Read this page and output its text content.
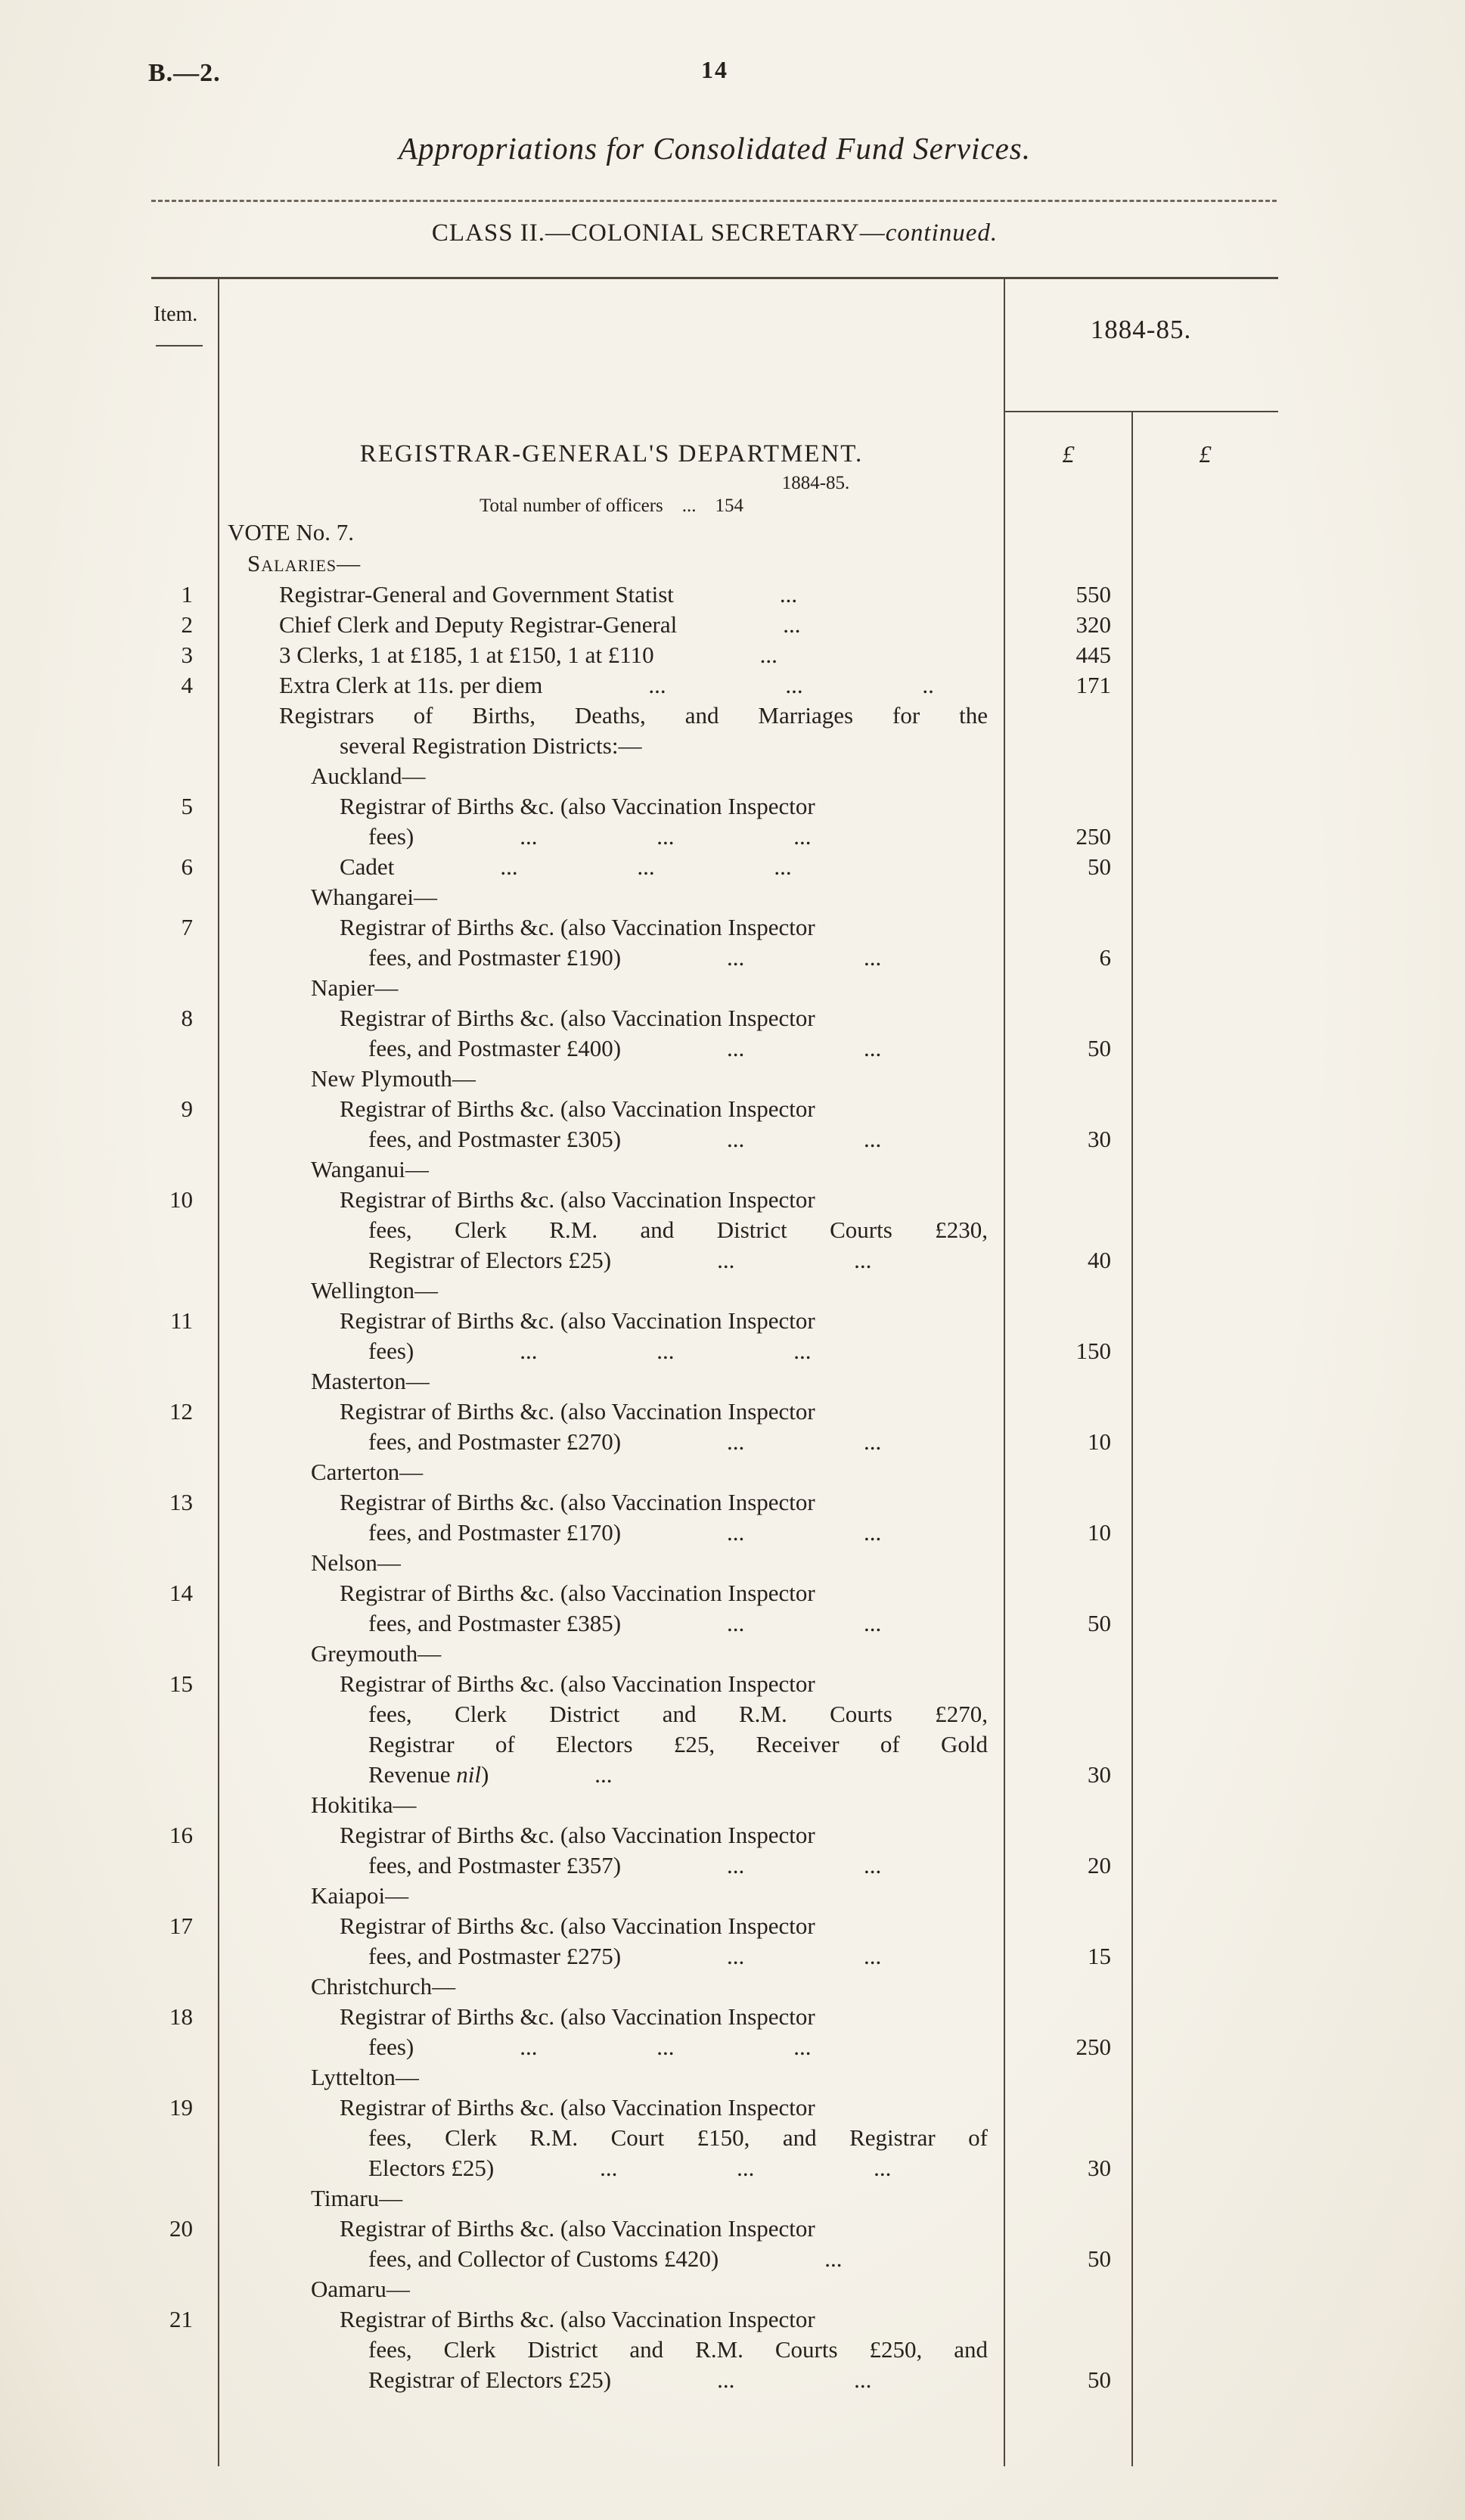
B.—2.	14
Appropriations for Consolidated Fund Services.
CLASS II.—COLONIAL SECRETARY—continued.
Item.
1884-85.
REGISTRAR-GENERAL'S DEPARTMENT.	£	£
1884-85.
Total number of officers  ...  154
VOTE No. 7.
Salaries—
1	Registrar-General and Government Statist	...	550
2	Chief Clerk and Deputy Registrar-General	...	320
3	3 Clerks, 1 at £185, 1 at £150, 1 at £110	...	445
4	Extra Clerk at 11s. per diem	... ... ..	171
Registrars of Births, Deaths, and Marriages for the
several Registration Districts:—
Auckland—
5	Registrar of Births &c. (also Vaccination Inspector
fees)	... ... ...	250
6	Cadet	... ... ...	50
Whangarei—
7	Registrar of Births &c. (also Vaccination Inspector
fees, and Postmaster £190)	... ...	6
Napier—
8	Registrar of Births &c. (also Vaccination Inspector
fees, and Postmaster £400)	... ...	50
New Plymouth—
9	Registrar of Births &c. (also Vaccination Inspector
fees, and Postmaster £305)	... ...	30
Wanganui—
10	Registrar of Births &c. (also Vaccination Inspector
fees, Clerk R.M. and District Courts £230,
Registrar of Electors £25)	... ...	40
Wellington—
11	Registrar of Births &c. (also Vaccination Inspector
fees)	... ... ...	150
Masterton—
12	Registrar of Births &c. (also Vaccination Inspector
fees, and Postmaster £270)	... ...	10
Carterton—
13	Registrar of Births &c. (also Vaccination Inspector
fees, and Postmaster £170)	... ...	10
Nelson—
14	Registrar of Births &c. (also Vaccination Inspector
fees, and Postmaster £385)	... ...	50
Greymouth—
15	Registrar of Births &c. (also Vaccination Inspector
fees, Clerk District and R.M. Courts £270,
Registrar of Electors £25, Receiver of Gold
Revenue nil)	...	30
Hokitika—
16	Registrar of Births &c. (also Vaccination Inspector
fees, and Postmaster £357)	... ...	20
Kaiapoi—
17	Registrar of Births &c. (also Vaccination Inspector
fees, and Postmaster £275)	... ...	15
Christchurch—
18	Registrar of Births &c. (also Vaccination Inspector
fees)	... ... ...	250
Lyttelton—
19	Registrar of Births &c. (also Vaccination Inspector
fees, Clerk R.M. Court £150, and Registrar of
Electors £25)	... ... ...	30
Timaru—
20	Registrar of Births &c. (also Vaccination Inspector
fees, and Collector of Customs £420)	...	50
Oamaru—
21	Registrar of Births &c. (also Vaccination Inspector
fees, Clerk District and R.M. Courts £250, and
Registrar of Electors £25)	... ...	50
